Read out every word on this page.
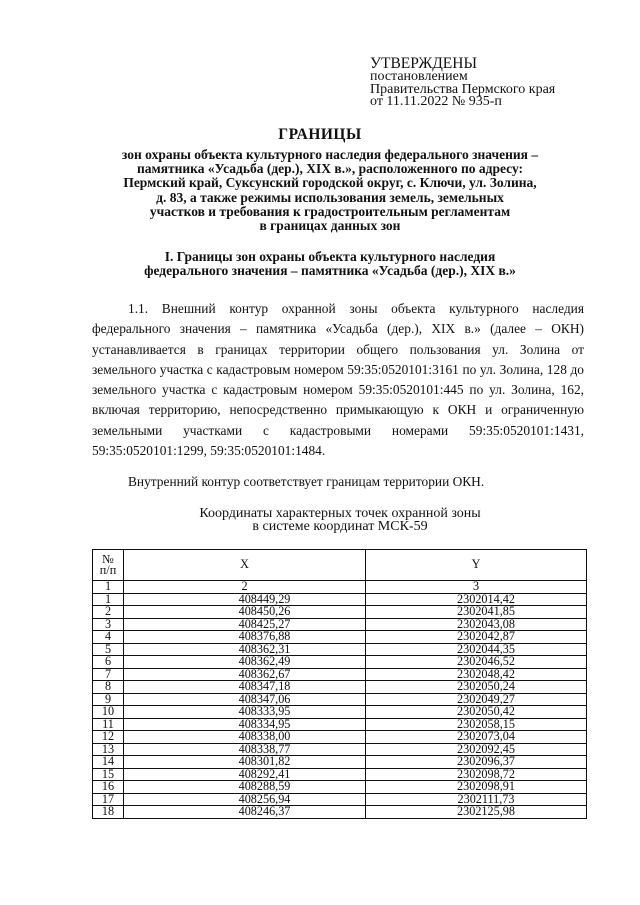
УТВЕРЖДЕНЫ
постановлением
Правительства Пермского края
от 11.11.2022 № 935-п
ГРАНИЦЫ
зон охраны объекта культурного наследия федерального значения –
памятника «Усадьба (дер.), XIX в.», расположенного по адресу:
Пермский край, Суксунский городской округ, с. Ключи, ул. Золина,
д. 83, а также режимы использования земель, земельных
участков и требования к градостроительным регламентам
в границах данных зон
I. Границы зон охраны объекта культурного наследия
федерального значения – памятника «Усадьба (дер.), XIX в.»
1.1. Внешний контур охранной зоны объекта культурного наследия федерального значения – памятника «Усадьба (дер.), XIX в.» (далее – ОКН) устанавливается в границах территории общего пользования ул. Золина от земельного участка с кадастровым номером 59:35:0520101:3161 по ул. Золина, 128 до земельного участка с кадастровым номером 59:35:0520101:445 по ул. Золина, 162, включая территорию, непосредственно примыкающую к ОКН и ограниченную земельными участками с кадастровыми номерами 59:35:0520101:1431, 59:35:0520101:1299, 59:35:0520101:1484.
Внутренний контур соответствует границам территории ОКН.
Координаты характерных точек охранной зоны
в системе координат МСК-59
№
п/п	X	Y
1	2	3
1	408449,29	2302014,42
2	408450,26	2302041,85
3	408425,27	2302043,08
4	408376,88	2302042,87
5	408362,31	2302044,35
6	408362,49	2302046,52
7	408362,67	2302048,42
8	408347,18	2302050,24
9	408347,06	2302049,27
10	408333,95	2302050,42
11	408334,95	2302058,15
12	408338,00	2302073,04
13	408338,77	2302092,45
14	408301,82	2302096,37
15	408292,41	2302098,72
16	408288,59	2302098,91
17	408256,94	2302111,73
18	408246,37	2302125,98
